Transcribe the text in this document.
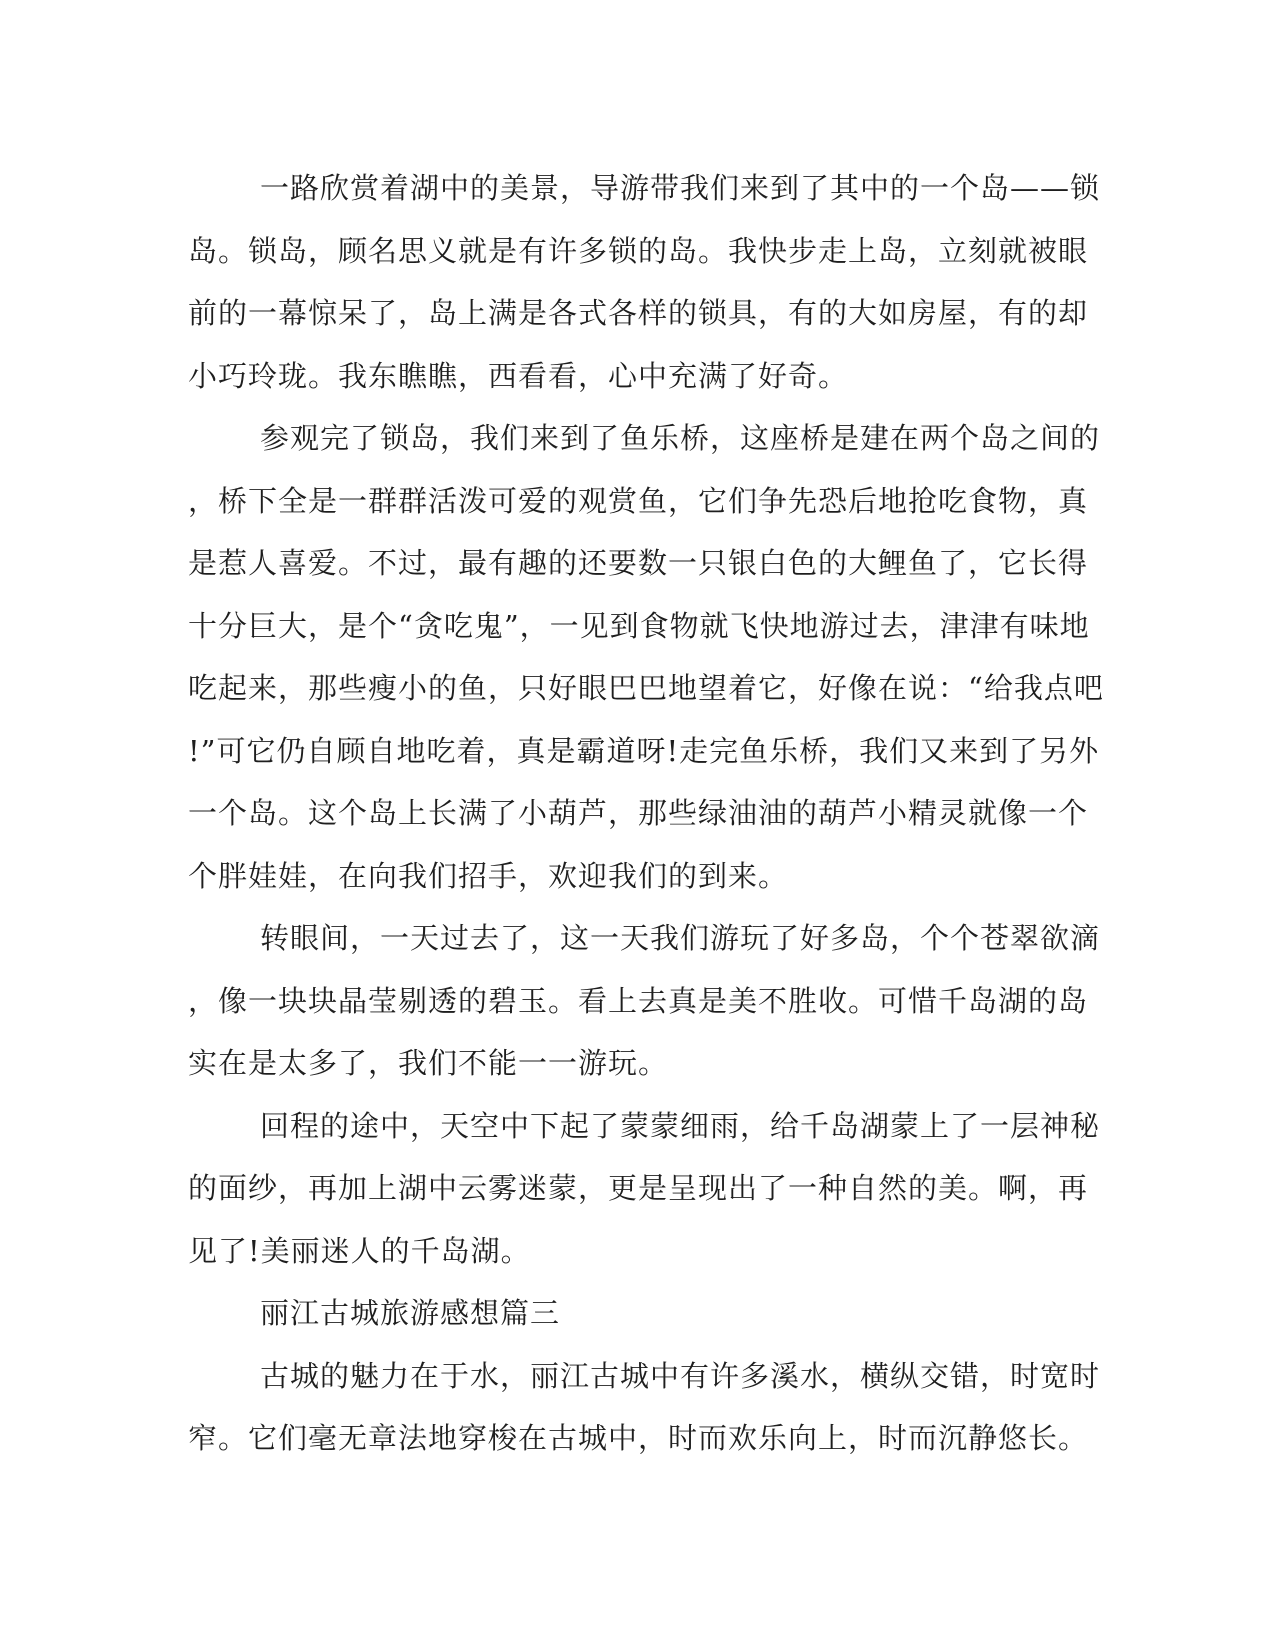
一路欣赏着湖中的美景，导游带我们来到了其中的一个岛——锁
岛。锁岛，顾名思义就是有许多锁的岛。我快步走上岛，立刻就被眼
前的一幕惊呆了，岛上满是各式各样的锁具，有的大如房屋，有的却
小巧玲珑。我东瞧瞧，西看看，心中充满了好奇。

参观完了锁岛，我们来到了鱼乐桥，这座桥是建在两个岛之间的
，桥下全是一群群活泼可爱的观赏鱼，它们争先恐后地抢吃食物，真
是惹人喜爱。不过，最有趣的还要数一只银白色的大鲤鱼了，它长得
十分巨大，是个“贪吃鬼”，一见到食物就飞快地游过去，津津有味地
吃起来，那些瘦小的鱼，只好眼巴巴地望着它，好像在说：“给我点吧
!”可它仍自顾自地吃着，真是霸道呀!走完鱼乐桥，我们又来到了另外
一个岛。这个岛上长满了小葫芦，那些绿油油的葫芦小精灵就像一个
个胖娃娃，在向我们招手，欢迎我们的到来。

转眼间，一天过去了，这一天我们游玩了好多岛，个个苍翠欲滴
，像一块块晶莹剔透的碧玉。看上去真是美不胜收。可惜千岛湖的岛
实在是太多了，我们不能一一游玩。

回程的途中，天空中下起了蒙蒙细雨，给千岛湖蒙上了一层神秘
的面纱，再加上湖中云雾迷蒙，更是呈现出了一种自然的美。啊，再
见了!美丽迷人的千岛湖。

丽江古城旅游感想篇三

古城的魅力在于水，丽江古城中有许多溪水，横纵交错，时宽时
窄。它们毫无章法地穿梭在古城中，时而欢乐向上，时而沉静悠长。
